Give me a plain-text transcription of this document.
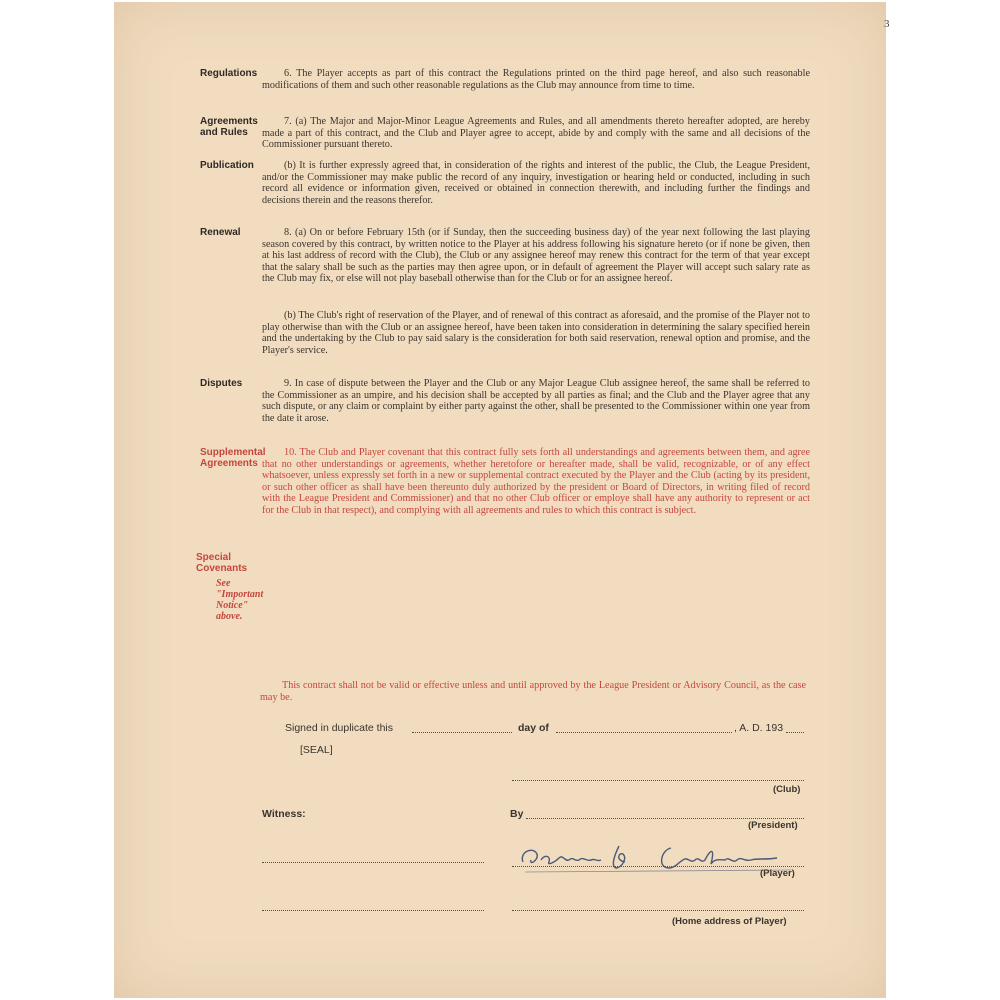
3
Regulations	6. The Player accepts as part of this contract the Regulations printed on the third page hereof, and also such reasonable modifications of them and such other reasonable regulations as the Club may announce from time to time.
Agreements and Rules
7. (a) The Major and Major-Minor League Agreements and Rules, and all amendments thereto hereafter adopted, are hereby made a part of this contract, and the Club and Player agree to accept, abide by and comply with the same and all decisions of the Commissioner pursuant thereto.
Publication	(b) It is further expressly agreed that, in consideration of the rights and interest of the public, the Club, the League President, and/or the Commissioner may make public the record of any inquiry, investigation or hearing held or conducted, including in such record all evidence or information given, received or obtained in connection therewith, and including further the findings and decisions therein and the reasons therefor.
Renewal	8. (a) On or before February 15th (or if Sunday, then the succeeding business day) of the year next following the last playing season covered by this contract, by written notice to the Player at his address following his signature hereto (or if none be given, then at his last address of record with the Club), the Club or any assignee hereof may renew this contract for the term of that year except that the salary shall be such as the parties may then agree upon, or in default of agreement the Player will accept such salary rate as the Club may fix, or else will not play baseball otherwise than for the Club or for an assignee hereof.
(b) The Club's right of reservation of the Player, and of renewal of this contract as aforesaid, and the promise of the Player not to play otherwise than with the Club or an assignee hereof, have been taken into consideration in determining the salary specified herein and the undertaking by the Club to pay said salary is the consideration for both said reservation, renewal option and promise, and the Player's service.
Disputes	9. In case of dispute between the Player and the Club or any Major League Club assignee hereof, the same shall be referred to the Commissioner as an umpire, and his decision shall be accepted by all parties as final; and the Club and the Player agree that any such dispute, or any claim or complaint by either party against the other, shall be presented to the Commissioner within one year from the date it arose.
Supplemental Agreements
10. The Club and Player covenant that this contract fully sets forth all understandings and agreements between them, and agree that no other understandings or agreements, whether heretofore or hereafter made, shall be valid, recognizable, or of any effect whatsoever, unless expressly set forth in a new or supplemental contract executed by the Player and the Club (acting by its president, or such other officer as shall have been thereunto duly authorized by the president or Board of Directors, in writing filed of record with the League President and Commissioner) and that no other Club officer or employe shall have any authority to represent or act for the Club in that respect), and complying with all agreements and rules to which this contract is subject.
Special Covenants
See "Important Notice" above.
This contract shall not be valid or effective unless and until approved by the League President or Advisory Council, as the case may be.
Signed in duplicate this	day of	, A. D. 193
[SEAL]
(Club)
Witness:	By
(President)
(Player)
(Home address of Player)
